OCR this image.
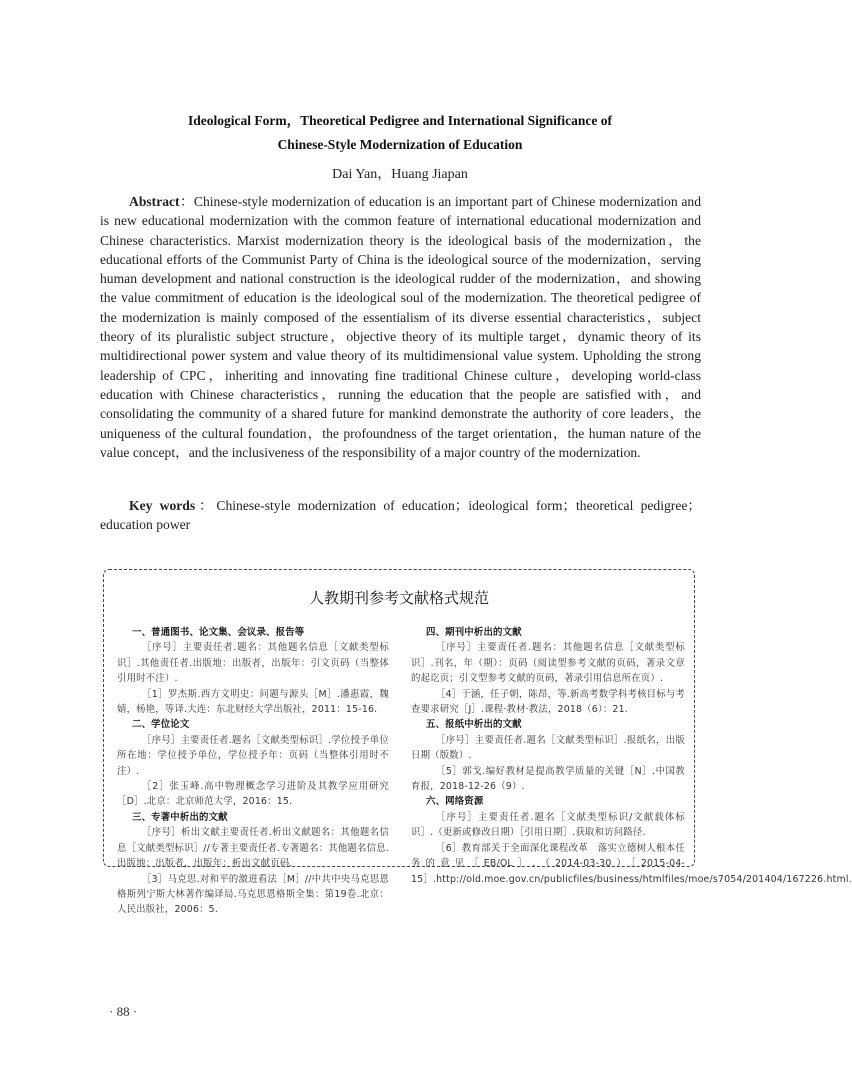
Ideological Form，Theoretical Pedigree and International Significance of
Chinese-Style Modernization of Education
Dai Yan，Huang Jiapan

Abstract：Chinese-style modernization of education is an important part of Chinese modernization and is new educational modernization with the common feature of international educational modernization and Chinese characteristics. Marxist modernization theory is the ideological basis of the modernization，the educational efforts of the Communist Party of China is the ideological source of the modernization，serving human development and national construction is the ideological rudder of the modernization，and showing the value commitment of education is the ideological soul of the modernization. The theoretical pedigree of the modernization is mainly composed of the essentialism of its diverse essential characteristics，subject theory of its pluralistic subject structure，objective theory of its multiple target，dynamic theory of its multidirectional power system and value theory of its multidimensional value system. Upholding the strong leadership of CPC，inheriting and innovating fine traditional Chinese culture，developing world-class education with Chinese characteristics，running the education that the people are satisfied with，and consolidating the community of a shared future for mankind demonstrate the authority of core leaders，the uniqueness of the cultural foundation，the profoundness of the target orientation，the human nature of the value concept，and the inclusiveness of the responsibility of a major country of the modernization.

Key words：Chinese-style modernization of education；ideological form；theoretical pedigree；education power

人教期刊参考文献格式规范
一、普通图书、论文集、会议录、报告等
［序号］主要责任者.题名：其他题名信息［文献类型标识］.其他责任者.出版地：出版者，出版年：引文页码（当整体引用时不注）.
［1］罗杰斯.西方文明史：问题与源头［M］.潘惠霞，魏婧，杨艳，等译.大连：东北财经大学出版社，2011：15-16.
二、学位论文
［序号］主要责任者.题名［文献类型标识］.学位授予单位所在地：学位授予单位，学位授予年：页码（当整体引用时不注）.
［2］张玉峰.高中物理概念学习进阶及其教学应用研究［D］.北京：北京师范大学，2016：15.
三、专著中析出的文献
［序号］析出文献主要责任者.析出文献题名：其他题名信息［文献类型标识］//专著主要责任者.专著题名：其他题名信息.出版地：出版者，出版年：析出文献页码.
［3］马克思.对和平的激进看法［M］//中共中央马克思恩格斯列宁斯大林著作编译局.马克思恩格斯全集：第19卷.北京：人民出版社，2006：5.
四、期刊中析出的文献
［序号］主要责任者.题名：其他题名信息［文献类型标识］.刊名，年（期）：页码（阅读型参考文献的页码，著录文章的起讫页；引文型参考文献的页码，著录引用信息所在页）.
［4］于涵，任子朝，陈昂，等.新高考数学科考核目标与考查要求研究［J］.课程·教材·教法，2018（6）：21.
五、报纸中析出的文献
［序号］主要责任者.题名［文献类型标识］.报纸名，出版日期（版数）.
［5］郭戈.编好教材是提高教学质量的关键［N］.中国教育报，2018-12-26（9）.
六、网络资源
［序号］主要责任者.题名［文献类型标识/文献载体标识］.（更新或修改日期）［引用日期］.获取和访问路径.
［6］教育部关于全面深化课程改革　落实立德树人根本任务的意见［EB/OL］.（2014-03-30）［2015-04-15］.http://old.moe.gov.cn/publicfiles/business/htmlfiles/moe/s7054/201404/167226.html.
· 88 ·
